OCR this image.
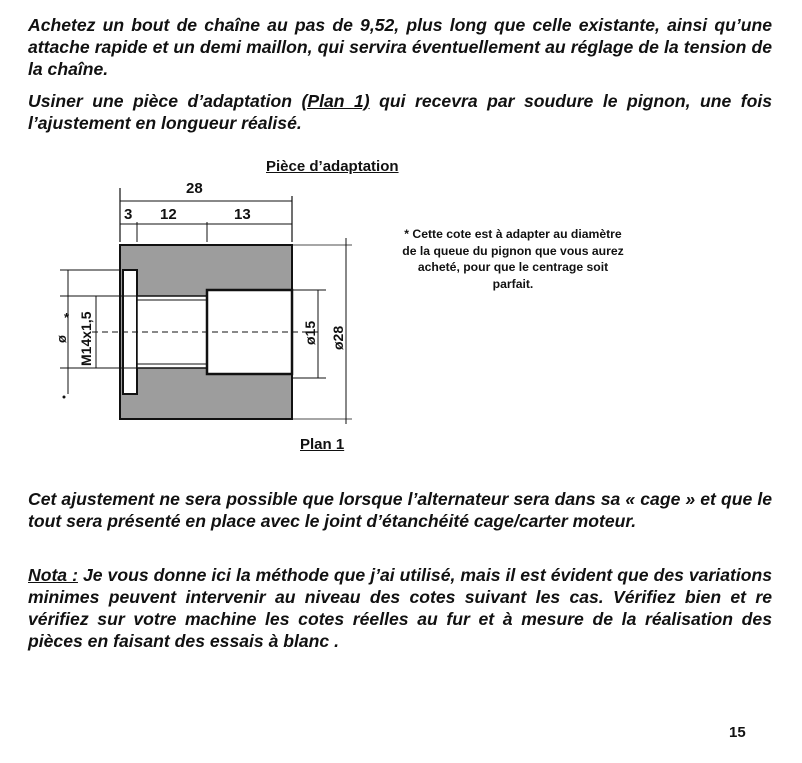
Achetez un bout de chaîne au pas de 9,52, plus long que celle existante, ainsi qu’une attache rapide et un demi maillon, qui servira éventuellement au réglage de la tension de la chaîne.

Usiner une pièce d’adaptation (Plan 1) qui recevra par soudure le pignon, une fois l’ajustement en longueur réalisé.

Pièce d’adaptation
28
3 12	13
M14x1,5
ø
*
ø15 ø28
* Cette cote est à adapter au diamètre de la queue du pignon que vous aurez acheté, pour que le centrage soit parfait.
Plan 1

Cet ajustement ne sera possible que lorsque l’alternateur sera dans sa « cage » et que le tout sera présenté en place avec le joint d’étanchéité cage/carter moteur.

Nota : Je vous donne ici la méthode que j’ai utilisé, mais il est évident que des variations minimes peuvent intervenir au niveau des cotes suivant les cas. Vérifiez bien et re vérifiez sur votre machine les cotes réelles au fur et à mesure de la réalisation des pièces en faisant des essais à blanc .

15
